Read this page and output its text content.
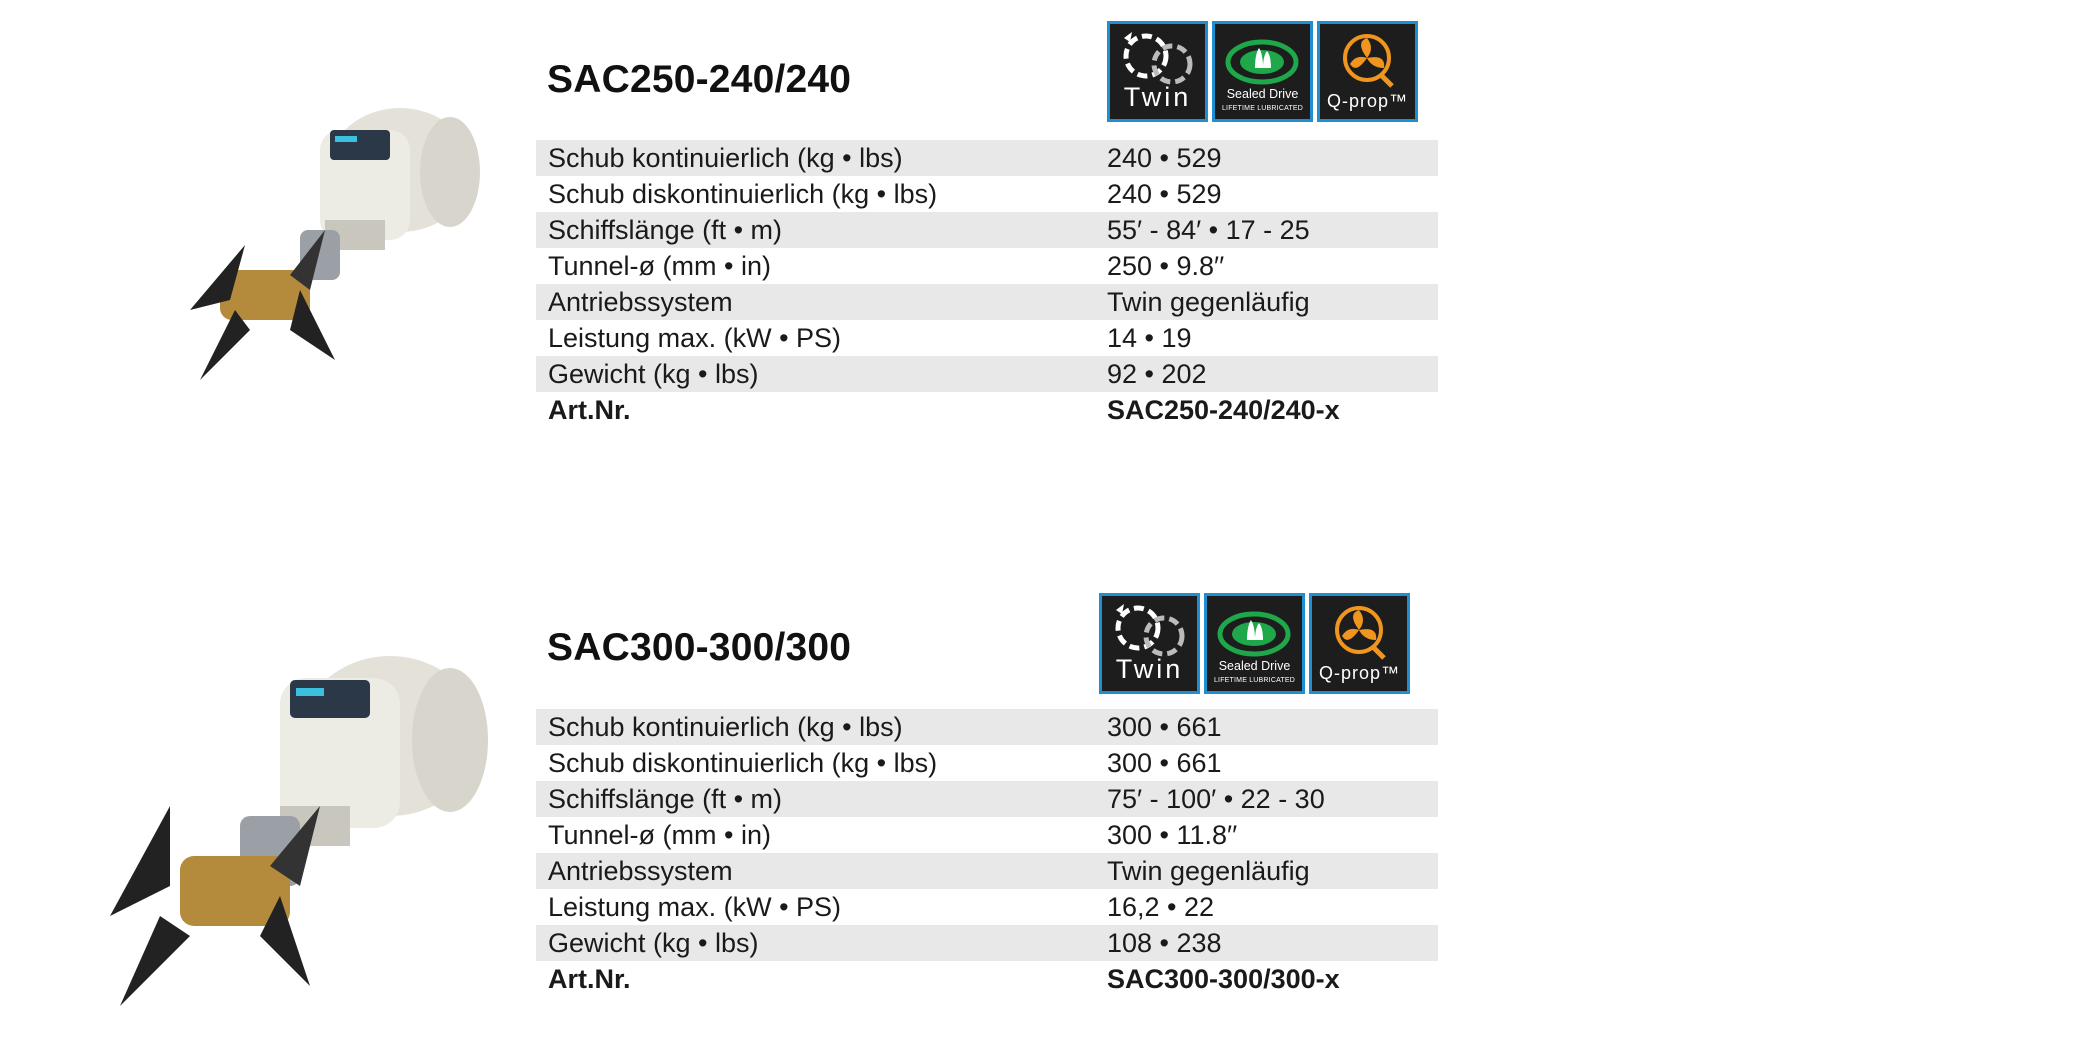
SAC250-240/240	Twin	Sealed Drive
LIFETIME LUBRICATED	Q-prop™
Schub kontinuierlich (kg • lbs)	240 • 529
Schub diskontinuierlich (kg • lbs)	240 • 529
Schiffslänge (ft • m)	55′ - 84′ • 17 - 25
Tunnel-ø (mm • in)	250 • 9.8′′
Antriebssystem	Twin gegenläufig
Leistung max. (kW • PS)	14 • 19
Gewicht (kg • lbs)	92 • 202
Art.Nr.	SAC250-240/240-x
SAC300-300/300	Twin	Sealed Drive
LIFETIME LUBRICATED	Q-prop™
Schub kontinuierlich (kg • lbs)	300 • 661
Schub diskontinuierlich (kg • lbs)	300 • 661
Schiffslänge (ft • m)	75′ - 100′ • 22 - 30
Tunnel-ø (mm • in)	300 • 11.8′′
Antriebssystem	Twin gegenläufig
Leistung max. (kW • PS)	16,2 • 22
Gewicht (kg • lbs)	108 • 238
Art.Nr.	SAC300-300/300-x
